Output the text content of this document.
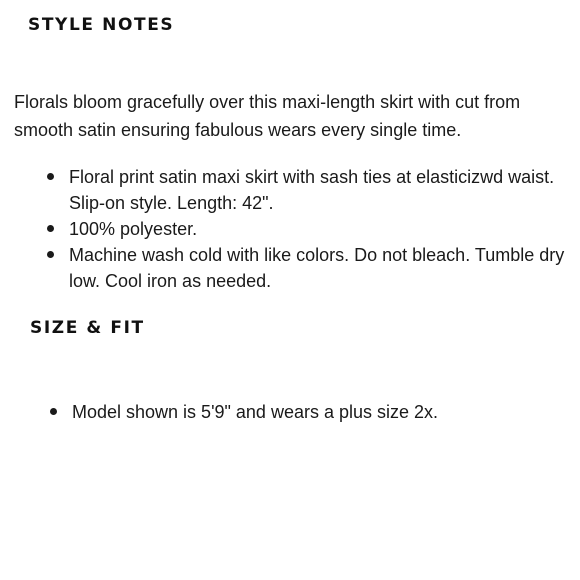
STYLE NOTES

Florals bloom gracefully over this maxi-length skirt with cut from smooth satin ensuring fabulous wears every single time.

Floral print satin maxi skirt with sash ties at elasticizwd waist. Slip-on style. Length: 42".
100% polyester.
Machine wash cold with like colors. Do not bleach. Tumble dry low. Cool iron as needed.
SIZE & FIT
Model shown is 5'9" and wears a plus size 2x.
